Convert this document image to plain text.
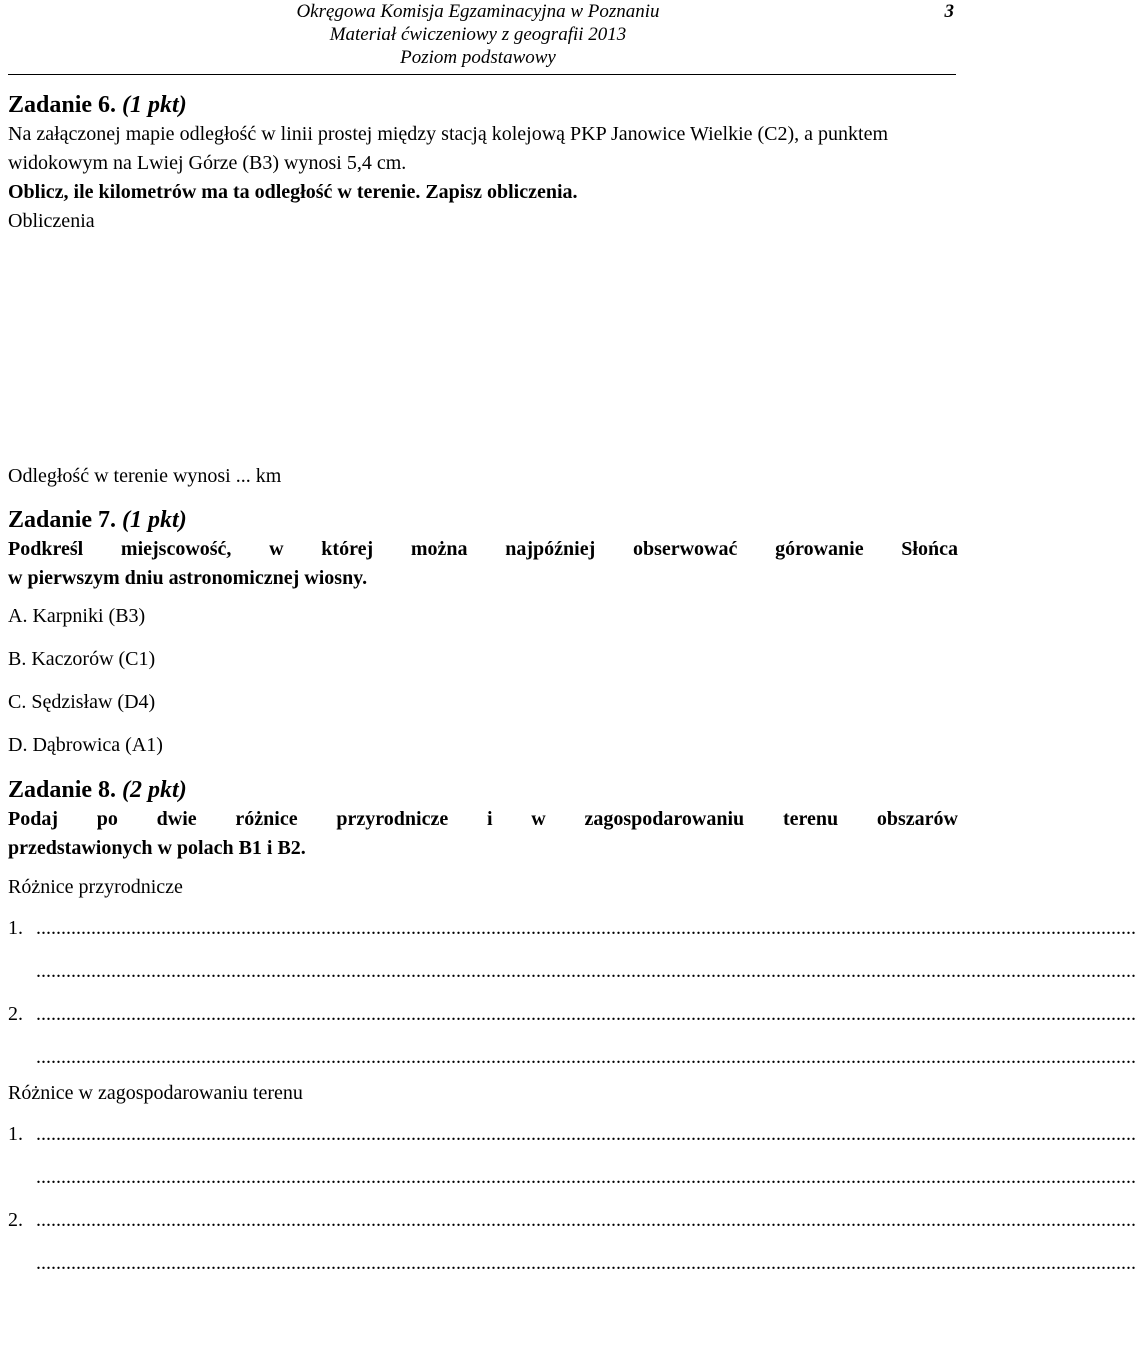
Okręgowa Komisja Egzaminacyjna w Poznaniu
Materiał ćwiczeniowy z geografii 2013
Poziom podstawowy
3

Zadanie 6. (1 pkt)

Na załączonej mapie odległość w linii prostej między stacją kolejową PKP Janowice Wielkie (C2), a punktem widokowym na Lwiej Górze (B3) wynosi 5,4 cm.

Oblicz, ile kilometrów ma ta odległość w terenie. Zapisz obliczenia.

Obliczenia

Odległość w terenie wynosi ... km

Zadanie 7. (1 pkt)

Podkreśl miejscowość, w której można najpóźniej obserwować górowanie Słońca

w pierwszym dniu astronomicznej wiosny.

A. Karpniki (B3)
B. Kaczorów (C1)
C. Sędzisław (D4)
D. Dąbrowica (A1)

Zadanie 8. (2 pkt)

Podaj po dwie różnice przyrodnicze i w zagospodarowaniu terenu obszarów

przedstawionych w polach B1 i B2.

Różnice przyrodnicze

1. ............................................................................................................................................................................................................................
............................................................................................................................................................................................................................
2. ............................................................................................................................................................................................................................
............................................................................................................................................................................................................................

Różnice w zagospodarowaniu terenu

1. ............................................................................................................................................................................................................................
............................................................................................................................................................................................................................
2. ............................................................................................................................................................................................................................
............................................................................................................................................................................................................................
